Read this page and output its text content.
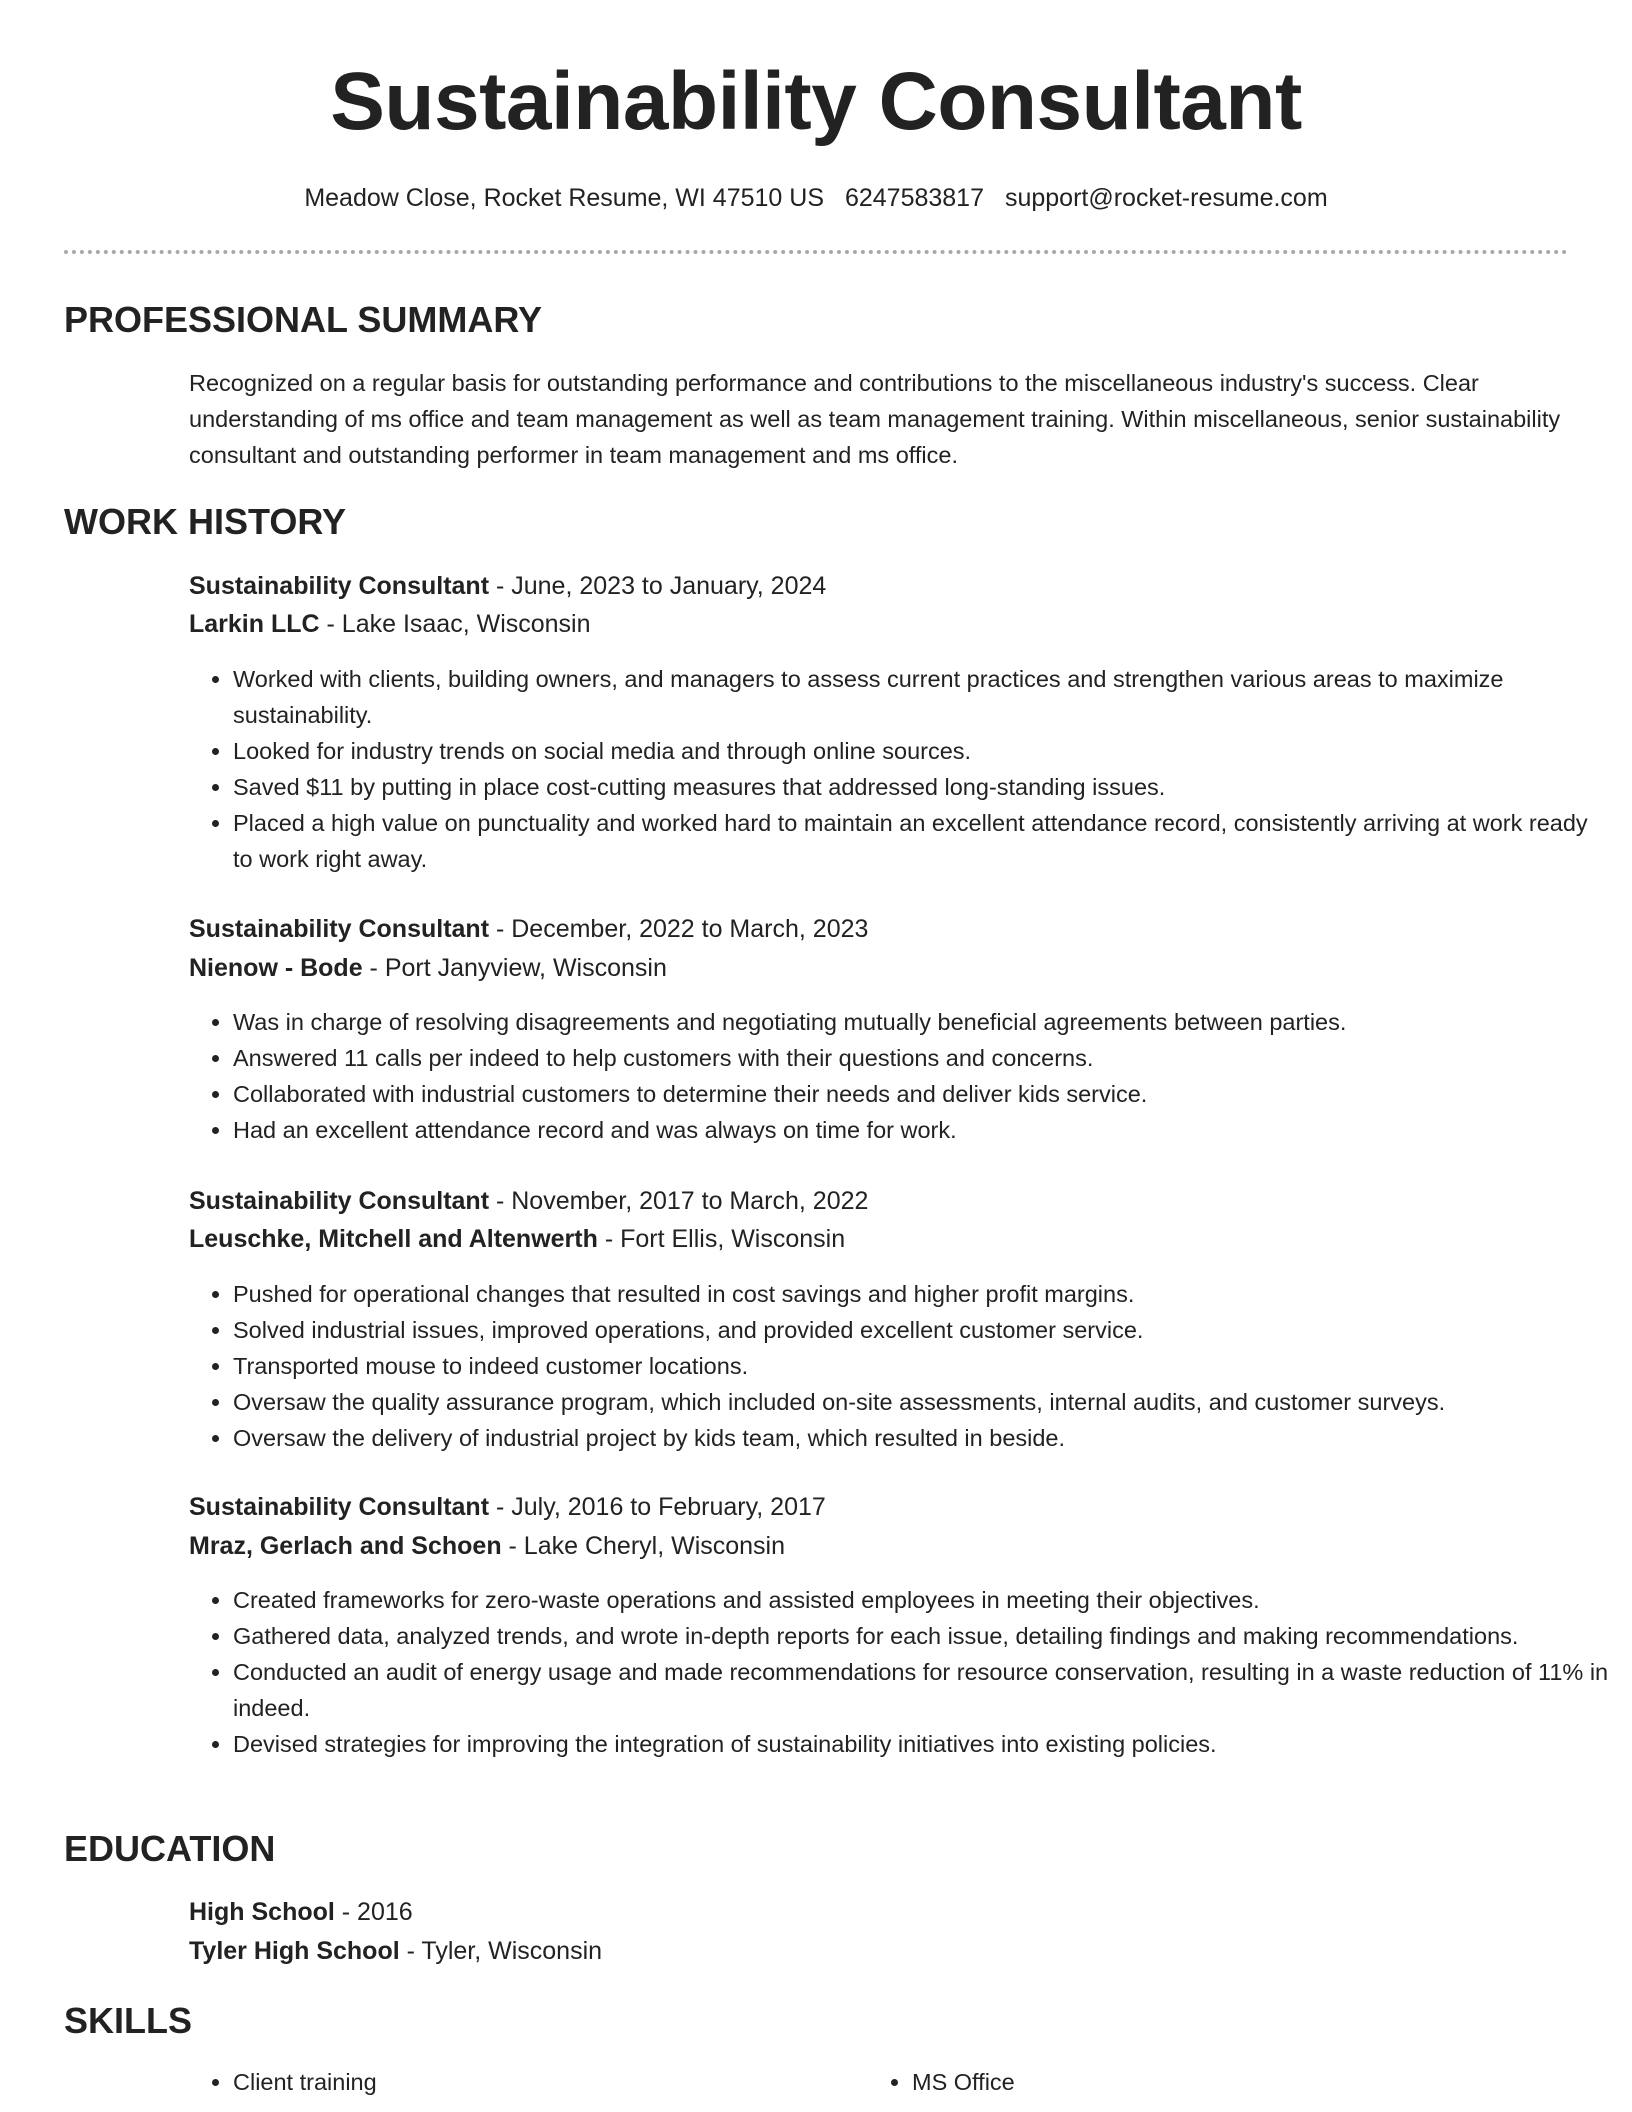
Sustainability Consultant
Meadow Close, Rocket Resume, WI 47510 US 6247583817 support@rocket-resume.com
PROFESSIONAL SUMMARY

Recognized on a regular basis for outstanding performance and contributions to the miscellaneous industry's success. Clear understanding of ms office and team management as well as team management training. Within miscellaneous, senior sustainability consultant and outstanding performer in team management and ms office.

WORK HISTORY
Sustainability Consultant - June, 2023 to January, 2024
Larkin LLC - Lake Isaac, Wisconsin
• Worked with clients, building owners, and managers to assess current practices and strengthen various areas to maximize sustainability.
• Looked for industry trends on social media and through online sources.
• Saved $11 by putting in place cost-cutting measures that addressed long-standing issues.
• Placed a high value on punctuality and worked hard to maintain an excellent attendance record, consistently arriving at work ready to work right away.
Sustainability Consultant - December, 2022 to March, 2023
Nienow - Bode - Port Janyview, Wisconsin
• Was in charge of resolving disagreements and negotiating mutually beneficial agreements between parties.
• Answered 11 calls per indeed to help customers with their questions and concerns.
• Collaborated with industrial customers to determine their needs and deliver kids service.
• Had an excellent attendance record and was always on time for work.
Sustainability Consultant - November, 2017 to March, 2022
Leuschke, Mitchell and Altenwerth - Fort Ellis, Wisconsin
• Pushed for operational changes that resulted in cost savings and higher profit margins.
• Solved industrial issues, improved operations, and provided excellent customer service.
• Transported mouse to indeed customer locations.
• Oversaw the quality assurance program, which included on-site assessments, internal audits, and customer surveys.
• Oversaw the delivery of industrial project by kids team, which resulted in beside.
Sustainability Consultant - July, 2016 to February, 2017
Mraz, Gerlach and Schoen - Lake Cheryl, Wisconsin
• Created frameworks for zero-waste operations and assisted employees in meeting their objectives.
• Gathered data, analyzed trends, and wrote in-depth reports for each issue, detailing findings and making recommendations.
• Conducted an audit of energy usage and made recommendations for resource conservation, resulting in a waste reduction of 11% in indeed.
• Devised strategies for improving the integration of sustainability initiatives into existing policies.
EDUCATION
High School - 2016
Tyler High School - Tyler, Wisconsin
SKILLS
• Client training
•	MS Office
